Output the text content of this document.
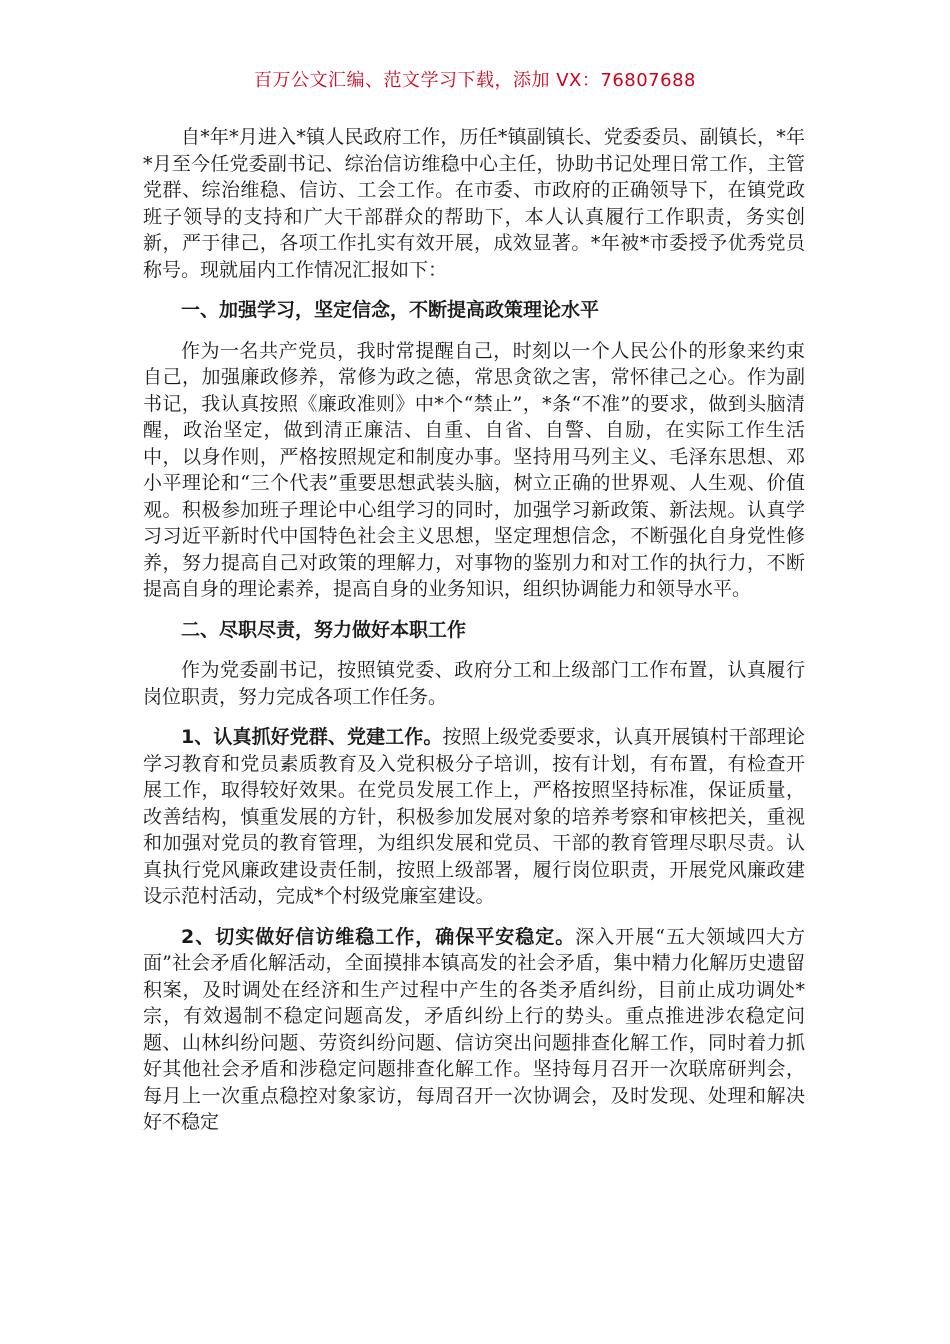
百万公文汇编、范文学习下载，添加 VX：76807688

自*年*月进入*镇人民政府工作，历任*镇副镇长、党委委员、副镇长，*年*月至今任党委副书记、综治信访维稳中心主任，协助书记处理日常工作，主管党群、综治维稳、信访、工会工作。在市委、市政府的正确领导下，在镇党政班子领导的支持和广大干部群众的帮助下，本人认真履行工作职责，务实创新，严于律己，各项工作扎实有效开展，成效显著。*年被*市委授予优秀党员称号。现就届内工作情况汇报如下：

一、加强学习，坚定信念，不断提高政策理论水平

作为一名共产党员，我时常提醒自己，时刻以一个人民公仆的形象来约束自己，加强廉政修养，常修为政之德，常思贪欲之害，常怀律己之心。作为副书记，我认真按照《廉政准则》中*个“禁止”，*条“不准”的要求，做到头脑清醒，政治坚定，做到清正廉洁、自重、自省、自警、自励，在实际工作生活中，以身作则，严格按照规定和制度办事。坚持用马列主义、毛泽东思想、邓小平理论和“三个代表”重要思想武装头脑，树立正确的世界观、人生观、价值观。积极参加班子理论中心组学习的同时，加强学习新政策、新法规。认真学习习近平新时代中国特色社会主义思想，坚定理想信念，不断强化自身党性修养，努力提高自己对政策的理解力，对事物的鉴别力和对工作的执行力，不断提高自身的理论素养，提高自身的业务知识，组织协调能力和领导水平。

二、尽职尽责，努力做好本职工作

作为党委副书记，按照镇党委、政府分工和上级部门工作布置，认真履行岗位职责，努力完成各项工作任务。

1、认真抓好党群、党建工作。按照上级党委要求，认真开展镇村干部理论学习教育和党员素质教育及入党积极分子培训，按有计划，有布置，有检查开展工作，取得较好效果。在党员发展工作上，严格按照坚持标准，保证质量，改善结构，慎重发展的方针，积极参加发展对象的培养考察和审核把关，重视和加强对党员的教育管理，为组织发展和党员、干部的教育管理尽职尽责。认真执行党风廉政建设责任制，按照上级部署，履行岗位职责，开展党风廉政建设示范村活动，完成*个村级党廉室建设。

2、切实做好信访维稳工作，确保平安稳定。深入开展“五大领域四大方面”社会矛盾化解活动，全面摸排本镇高发的社会矛盾，集中精力化解历史遗留积案，及时调处在经济和生产过程中产生的各类矛盾纠纷，目前止成功调处*宗，有效遏制不稳定问题高发，矛盾纠纷上行的势头。重点推进涉农稳定问题、山林纠纷问题、劳资纠纷问题、信访突出问题排查化解工作，同时着力抓好其他社会矛盾和涉稳定问题排查化解工作。坚持每月召开一次联席研判会，每月上一次重点稳控对象家访，每周召开一次协调会，及时发现、处理和解决好不稳定
